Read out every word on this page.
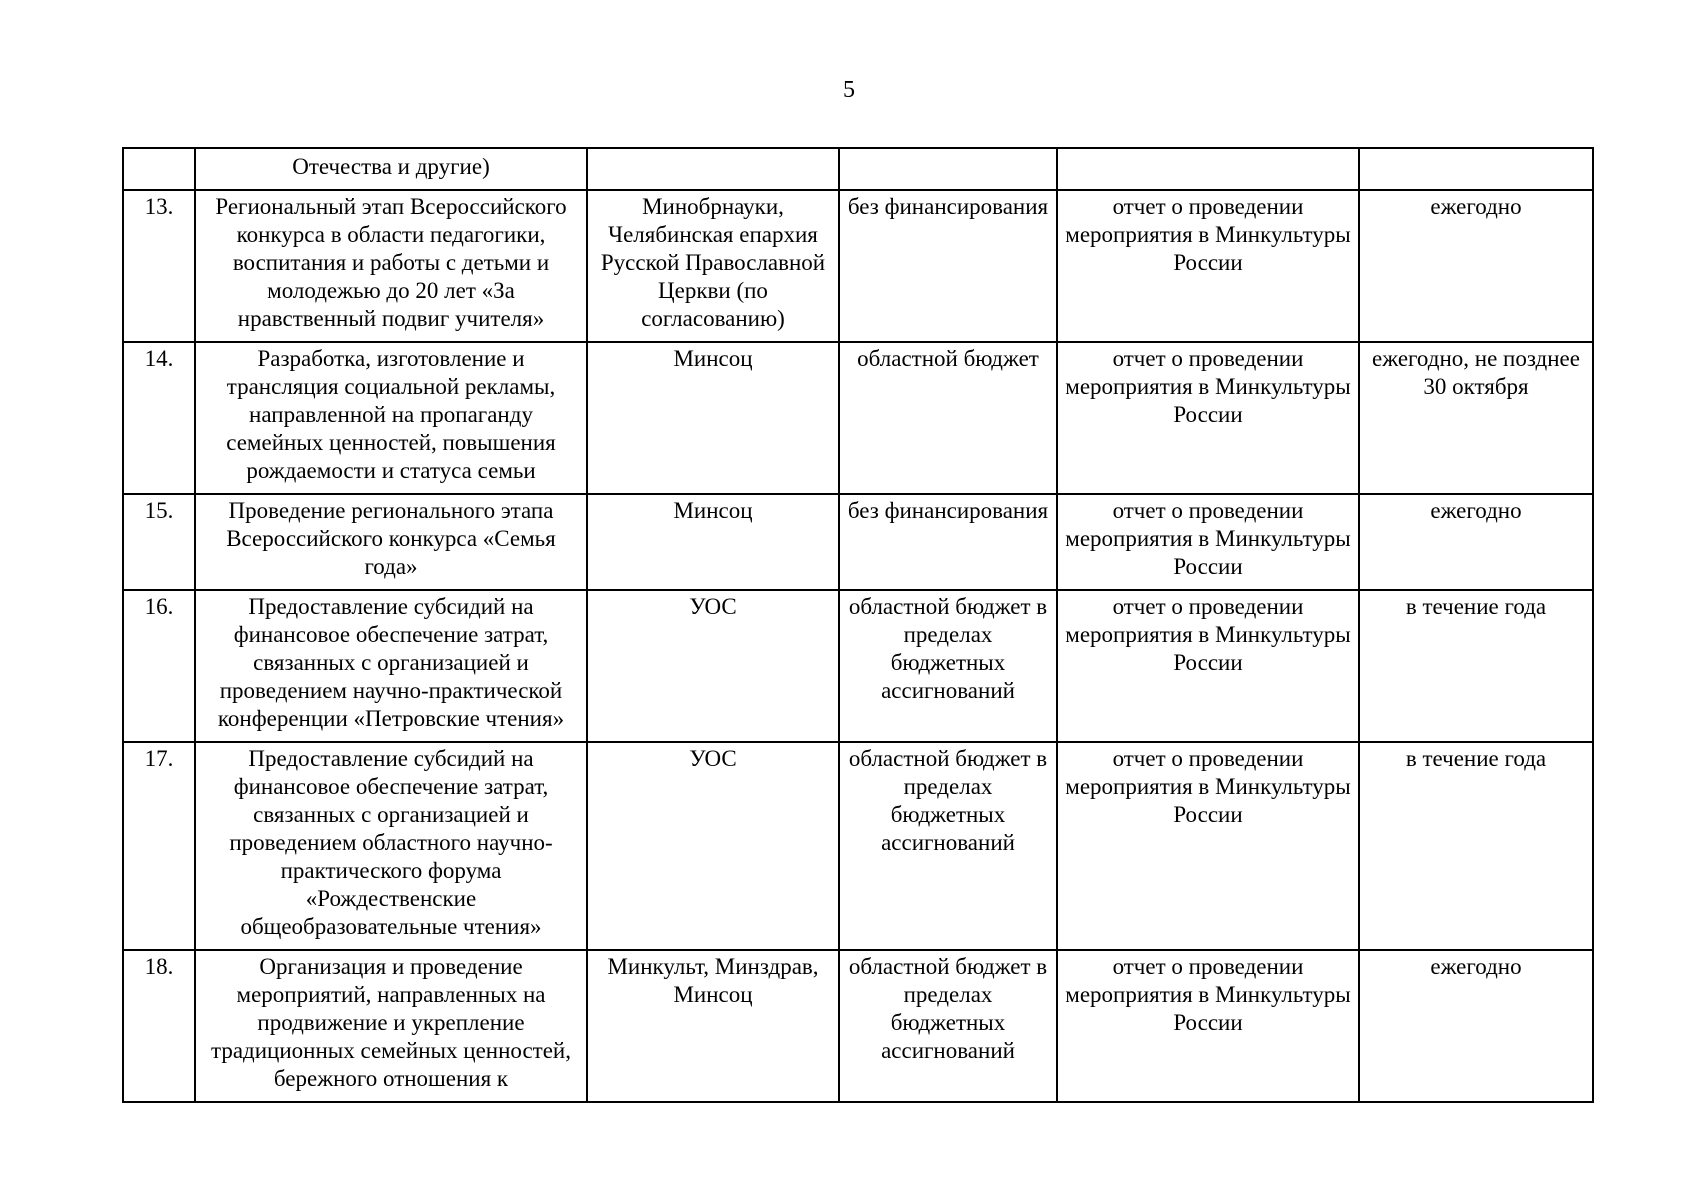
5
	Отечества и другие)				
13.	Региональный этап Всероссийского конкурса в области педагогики, воспитания и работы с детьми и молодежью до 20 лет «За нравственный подвиг учителя»	Минобрнауки, Челябинская епархия Русской Православной Церкви (по согласованию)	без финансирования	отчет о проведении мероприятия в Минкультуры России	ежегодно
14.	Разработка, изготовление и трансляция социальной рекламы, направленной на пропаганду семейных ценностей, повышения рождаемости и статуса семьи	Минсоц	областной бюджет	отчет о проведении мероприятия в Минкультуры России	ежегодно, не позднее 30 октября
15.	Проведение регионального этапа Всероссийского конкурса «Семья года»	Минсоц	без финансирования	отчет о проведении мероприятия в Минкультуры России	ежегодно
16.	Предоставление субсидий на финансовое обеспечение затрат, связанных с организацией и проведением научно-практической конференции «Петровские чтения»	УОС	областной бюджет в пределах бюджетных ассигнований	отчет о проведении мероприятия в Минкультуры России	в течение года
17.	Предоставление субсидий на финансовое обеспечение затрат, связанных с организацией и проведением областного научно-практического форума «Рождественские общеобразовательные чтения»	УОС	областной бюджет в пределах бюджетных ассигнований	отчет о проведении мероприятия в Минкультуры России	в течение года
18.	Организация и проведение мероприятий, направленных на продвижение и укрепление традиционных семейных ценностей, бережного отношения к	Минкульт, Минздрав, Минсоц	областной бюджет в пределах бюджетных ассигнований	отчет о проведении мероприятия в Минкультуры России	ежегодно
